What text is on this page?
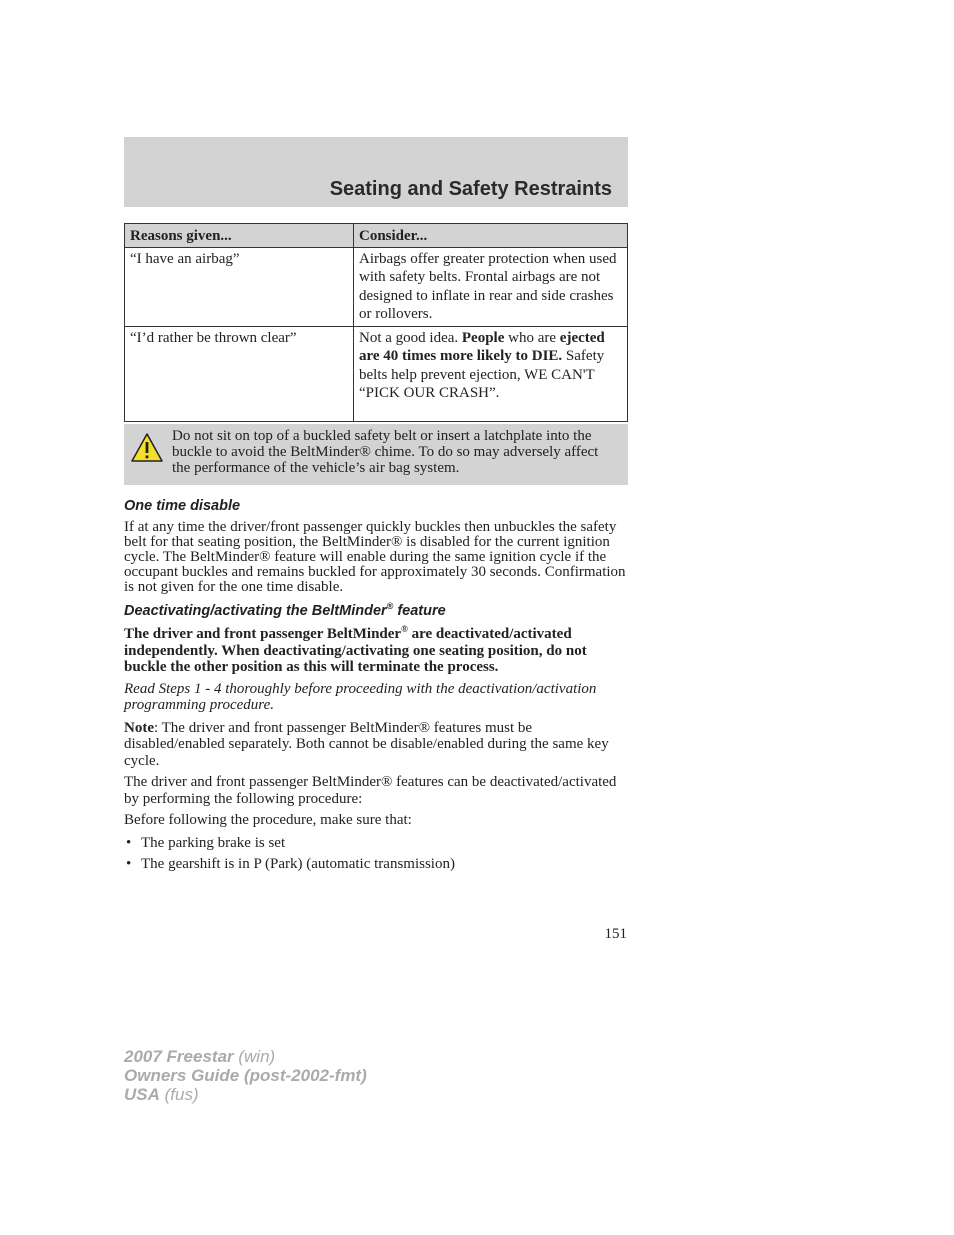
Seating and Safety Restraints
Reasons given...	Consider...
“I have an airbag”	Airbags offer greater protection when used with safety belts. Frontal airbags are not designed to inflate in rear and side crashes or rollovers.
“I’d rather be thrown clear”	Not a good idea. People who are ejected are 40 times more likely to DIE. Safety belts help prevent ejection, WE CAN'T “PICK OUR CRASH”.
Do not sit on top of a buckled safety belt or insert a latchplate into the buckle to avoid the BeltMinder® chime. To do so may adversely affect the performance of the vehicle’s air bag system.
One time disable

If at any time the driver/front passenger quickly buckles then unbuckles the safety belt for that seating position, the BeltMinder® is disabled for the current ignition cycle. The BeltMinder® feature will enable during the same ignition cycle if the occupant buckles and remains buckled for approximately 30 seconds. Confirmation is not given for the one time disable.

Deactivating/activating the BeltMinder® feature

The driver and front passenger BeltMinder® are deactivated/activated independently. When deactivating/activating one seating position, do not buckle the other position as this will terminate the process.

Read Steps 1 - 4 thoroughly before proceeding with the deactivation/activation programming procedure.

Note: The driver and front passenger BeltMinder® features must be disabled/enabled separately. Both cannot be disable/enabled during the same key cycle.

The driver and front passenger BeltMinder® features can be deactivated/activated by performing the following procedure:

Before following the procedure, make sure that:

• The parking brake is set
• The gearshift is in P (Park) (automatic transmission)

151

2007 Freestar (win)
Owners Guide (post-2002-fmt)
USA (fus)
